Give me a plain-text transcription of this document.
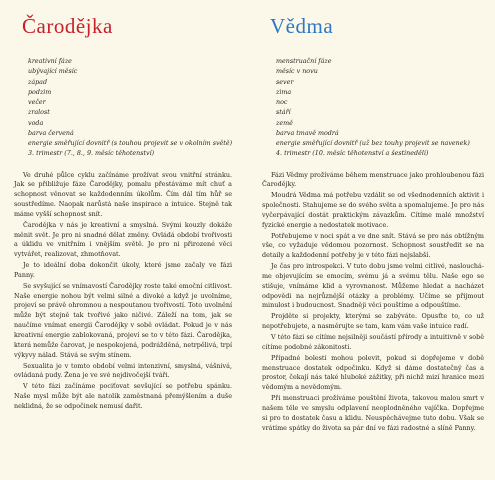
Čarodějka
kreativní fáze
ubývající měsíc
západ
podzim
večer
zralost
voda
barva červená
energie směřující dovnitř (s touhou projevit se v okolním světě)
3. trimestr (7., 8., 9. měsíc těhotenství)

Ve druhé půlce cyklu začínáme prožívat svou vnitřní stránku. Jak se přibližuje fáze Čarodějky, pomalu přestáváme mít chuť a schopnost věnovat se každodenním úkolům. Čím dál tím hůř se soustředíme. Naopak narůstá naše inspirace a intuice. Stejně tak máme vyšší schopnost snít.

Čarodějka v nás je kreativní a smyslná. Svými kouzly dokáže měnit svět. Je pro ni snadné dělat změny. Ovládá období tvořivosti a úklidu ve vnitřním i vnějším světě. Je pro ni přirozené věci vytvářet, realizovat, zhmotňovat.

Je to ideální doba dokončit úkoly, které jsme začaly ve fázi Panny.

Se svyšující se vnímavostí Čarodějky roste také emoční citlivost. Naše energie nohou být velmi silné a divoké a když je uvolníme, projeví se právě ohromnou a nespoutanou tvořivostí. Toto uvolnění může být stejně tak tvořivé jako ničivé. Záleží na tom, jak se naučíme vnímat energii Čarodějky v sobě ovládat. Pokud je v nás kreativní energie zablokovaná, projeví se to v této fázi. Čarodějka, která nemůže čarovat, je nespokojená, podrážděná, netrpělivá, trpí výkyvy nálad. Stává se svým stínem.

Sexualita je v tomto období velmi intenzivní, smyslná, vášnivá, ovládaná pudy. Žena je ve své nejdivočejší tváři.

V této fázi začínáme pociťovat sevšující se potřebu spánku. Naše mysl může být ale natolik zaměstnaná přemýšlením a duše neklidná, že se odpočinek nemusí dařit.

Vědma
menstruační fáze
měsíc v novu
sever
zima
noc
stáří
země
barva tmavě modrá
energie směřující dovnitř (už bez touhy projevit se navenek)
4. trimestr (10. měsíc těhotenství a šestinedělí)

Fázi Vědmy prožíváme během menstruace jako prohloubenou fázi Čarodějky.

Moudrá Vědma má potřebu vzdálit se od všednodenních aktivit i společnosti. Stahujeme se do svého světa a spomalujeme. Je pro nás vyčerpávající dostát praktickým závazkům. Cítíme malé množství fyzické energie a nedostatek motivace.

Potřebujeme v noci spát a ve dne snít. Stává se pro nás obtížným vše, co vyžaduje vědomou pozornost. Schopnost soustředit se na detaily a každodenní potřeby je v této fázi nejslabší.

Je čas pro introspekci. V tuto dobu jsme velmi citlivé, nasloucháme objevujícím se emocím, svému já a svému tělu. Naše ego se stišuje, vnímáme klid a vyrovnanost. Můžeme hledat a nacházet odpovědi na nejrůznější otázky a problémy. Učíme se přijmout minulost i budoucnost. Snadněji věci pouštíme a odpouštíme.

Projděte si projekty, kterými se zabýváte. Opusťte to, co už nepotřebujete, a nasměrujte se tam, kam vám vaše intuice radí.

V této fázi se cítíme nejsilněji součástí přírody a intuitivně v sobě cítíme podobné zákonitosti.

Případné bolesti mohou polevit, pokud si dopřejeme v době menstruace dostatek odpočinku. Když si dáme dostatečný čas a prostor, čekají nás také hluboké zážitky, při nichž mizí hranice mezi vědomým a nevědomým.

Při menstruaci prožíváme pouštění života, takovou malou smrt v našem těle ve smyslu odplavení neoplodněného vajíčka. Dopřejme si pro to dostatek času a klidu. Neuspěchávejme tuto dobu. Však se vrátíme spátky do života sa pár dní ve fázi radostné a slíně Panny.
